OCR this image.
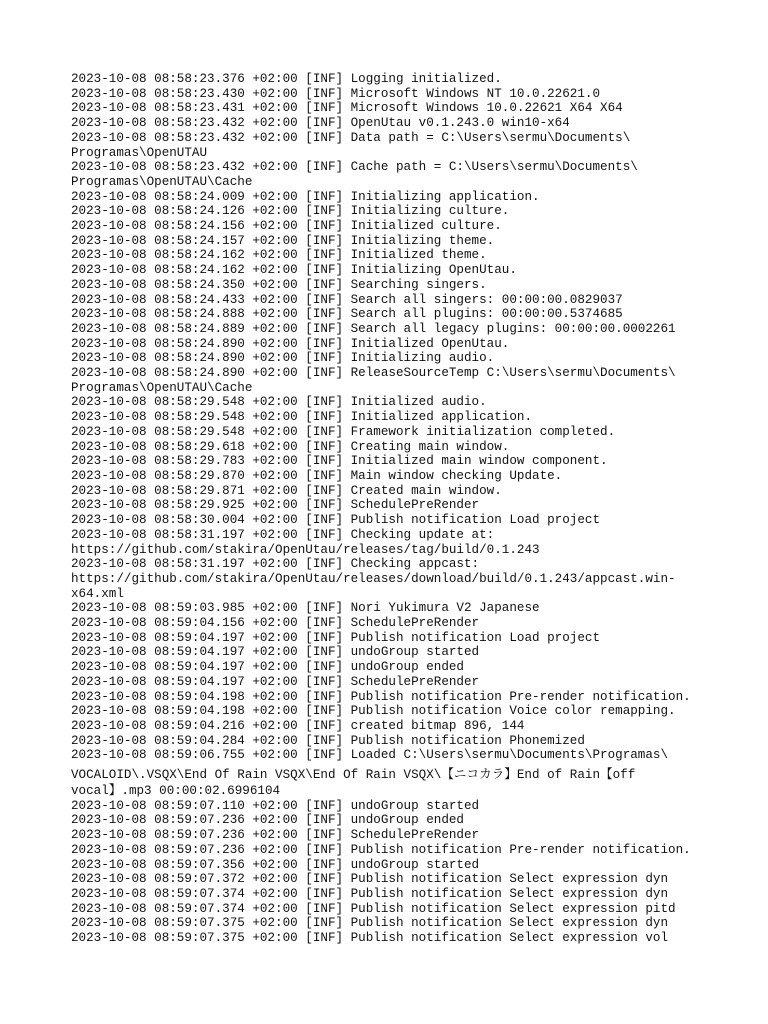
2023-10-08 08:58:23.376 +02:00 [INF] Logging initialized.
2023-10-08 08:58:23.430 +02:00 [INF] Microsoft Windows NT 10.0.22621.0
2023-10-08 08:58:23.431 +02:00 [INF] Microsoft Windows 10.0.22621 X64 X64
2023-10-08 08:58:23.432 +02:00 [INF] OpenUtau v0.1.243.0 win10-x64
2023-10-08 08:58:23.432 +02:00 [INF] Data path = C:\Users\sermu\Documents\
Programas\OpenUTAU
2023-10-08 08:58:23.432 +02:00 [INF] Cache path = C:\Users\sermu\Documents\
Programas\OpenUTAU\Cache
2023-10-08 08:58:24.009 +02:00 [INF] Initializing application.
2023-10-08 08:58:24.126 +02:00 [INF] Initializing culture.
2023-10-08 08:58:24.156 +02:00 [INF] Initialized culture.
2023-10-08 08:58:24.157 +02:00 [INF] Initializing theme.
2023-10-08 08:58:24.162 +02:00 [INF] Initialized theme.
2023-10-08 08:58:24.162 +02:00 [INF] Initializing OpenUtau.
2023-10-08 08:58:24.350 +02:00 [INF] Searching singers.
2023-10-08 08:58:24.433 +02:00 [INF] Search all singers: 00:00:00.0829037
2023-10-08 08:58:24.888 +02:00 [INF] Search all plugins: 00:00:00.5374685
2023-10-08 08:58:24.889 +02:00 [INF] Search all legacy plugins: 00:00:00.0002261
2023-10-08 08:58:24.890 +02:00 [INF] Initialized OpenUtau.
2023-10-08 08:58:24.890 +02:00 [INF] Initializing audio.
2023-10-08 08:58:24.890 +02:00 [INF] ReleaseSourceTemp C:\Users\sermu\Documents\
Programas\OpenUTAU\Cache
2023-10-08 08:58:29.548 +02:00 [INF] Initialized audio.
2023-10-08 08:58:29.548 +02:00 [INF] Initialized application.
2023-10-08 08:58:29.548 +02:00 [INF] Framework initialization completed.
2023-10-08 08:58:29.618 +02:00 [INF] Creating main window.
2023-10-08 08:58:29.783 +02:00 [INF] Initialized main window component.
2023-10-08 08:58:29.870 +02:00 [INF] Main window checking Update.
2023-10-08 08:58:29.871 +02:00 [INF] Created main window.
2023-10-08 08:58:29.925 +02:00 [INF] SchedulePreRender
2023-10-08 08:58:30.004 +02:00 [INF] Publish notification Load project
2023-10-08 08:58:31.197 +02:00 [INF] Checking update at:
https://github.com/stakira/OpenUtau/releases/tag/build/0.1.243
2023-10-08 08:58:31.197 +02:00 [INF] Checking appcast:
https://github.com/stakira/OpenUtau/releases/download/build/0.1.243/appcast.win-
x64.xml
2023-10-08 08:59:03.985 +02:00 [INF] Nori Yukimura V2 Japanese
2023-10-08 08:59:04.156 +02:00 [INF] SchedulePreRender
2023-10-08 08:59:04.197 +02:00 [INF] Publish notification Load project
2023-10-08 08:59:04.197 +02:00 [INF] undoGroup started
2023-10-08 08:59:04.197 +02:00 [INF] undoGroup ended
2023-10-08 08:59:04.197 +02:00 [INF] SchedulePreRender
2023-10-08 08:59:04.198 +02:00 [INF] Publish notification Pre-render notification.
2023-10-08 08:59:04.198 +02:00 [INF] Publish notification Voice color remapping.
2023-10-08 08:59:04.216 +02:00 [INF] created bitmap 896, 144
2023-10-08 08:59:04.284 +02:00 [INF] Publish notification Phonemized
2023-10-08 08:59:06.755 +02:00 [INF] Loaded C:\Users\sermu\Documents\Programas\
VOCALOID\.VSQX\End Of Rain VSQX\End Of Rain VSQX\【ニコカラ】End of Rain【off
vocal】.mp3 00:00:02.6996104
2023-10-08 08:59:07.110 +02:00 [INF] undoGroup started
2023-10-08 08:59:07.236 +02:00 [INF] undoGroup ended
2023-10-08 08:59:07.236 +02:00 [INF] SchedulePreRender
2023-10-08 08:59:07.236 +02:00 [INF] Publish notification Pre-render notification.
2023-10-08 08:59:07.356 +02:00 [INF] undoGroup started
2023-10-08 08:59:07.372 +02:00 [INF] Publish notification Select expression dyn
2023-10-08 08:59:07.374 +02:00 [INF] Publish notification Select expression dyn
2023-10-08 08:59:07.374 +02:00 [INF] Publish notification Select expression pitd
2023-10-08 08:59:07.375 +02:00 [INF] Publish notification Select expression dyn
2023-10-08 08:59:07.375 +02:00 [INF] Publish notification Select expression vol
